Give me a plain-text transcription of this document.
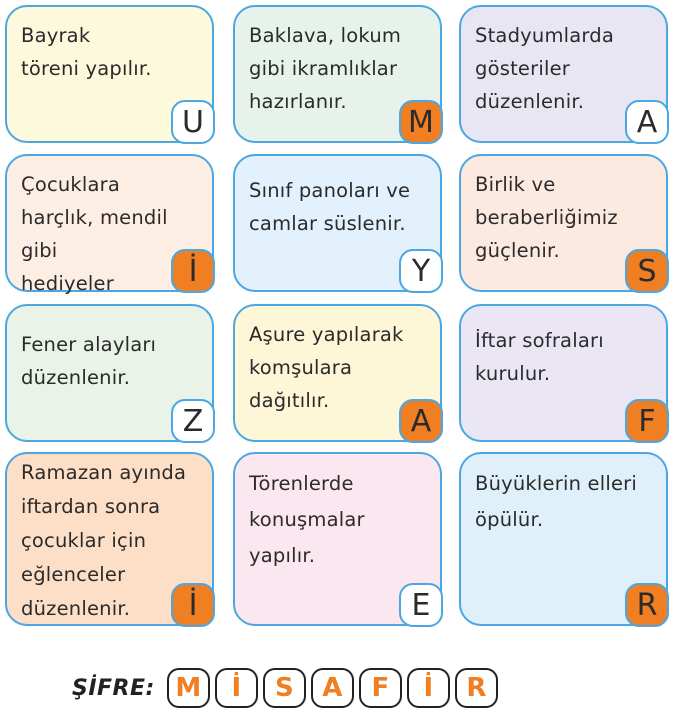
Bayrak
töreni yapılır.
U
Baklava, lokum
gibi ikramlıklar
hazırlanır.
M
Stadyumlarda
gösteriler
düzenlenir.
A
Çocuklara
harçlık, mendil gibi
hediyeler	İ
Sınıf panoları ve
camlar süslenir.
Y
Birlik ve
beraberliğimiz
güçlenir.
S
Fener alayları
düzenlenir.
Z
Aşure yapılarak
komşulara
dağıtılır.
A
İftar sofraları
kurulur.
F
Ramazan ayında
iftardan sonra
çocuklar için
eğlenceler
düzenlenir.	İ
Törenlerde
konuşmalar
yapılır.
E
Büyüklerin elleri
öpülür.
R
ŞİFRE: M	İ	S	A	F	İ	R
